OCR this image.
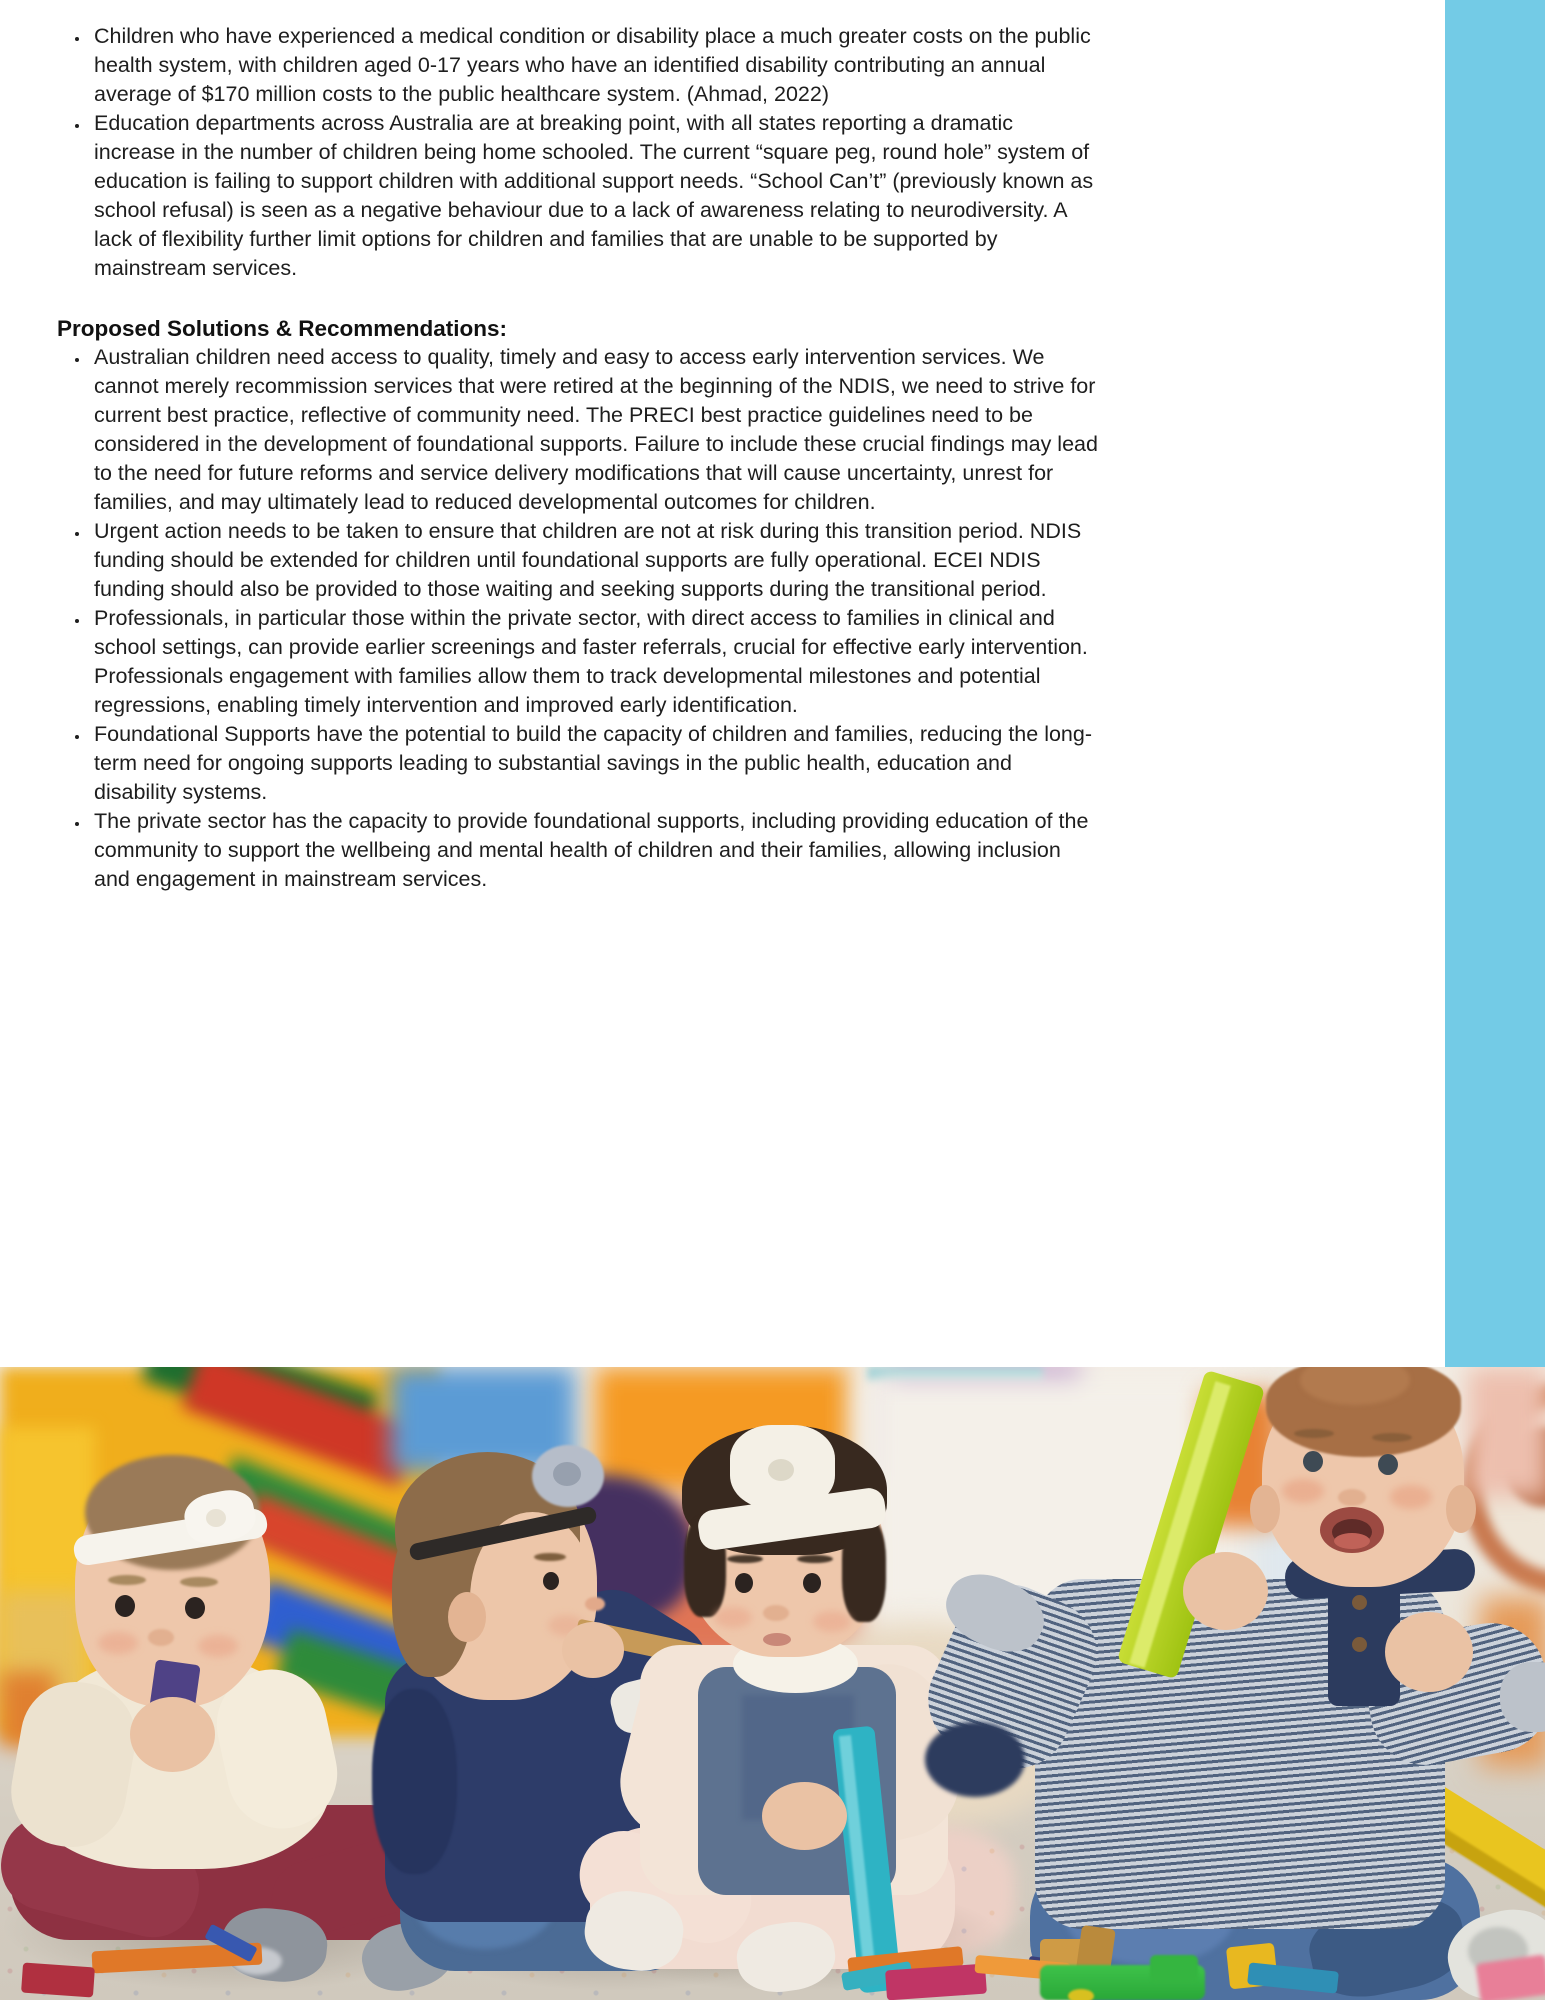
• Children who have experienced a medical condition or disability place a much greater costs on the public health system, with children aged 0-17 years who have an identified disability contributing an annual average of $170 million costs to the public healthcare system. (Ahmad, 2022)
• Education departments across Australia are at breaking point, with all states reporting a dramatic increase in the number of children being home schooled. The current “square peg, round hole” system of education is failing to support children with additional support needs. “School Can’t” (previously known as school refusal) is seen as a negative behaviour due to a lack of awareness relating to neurodiversity. A lack of flexibility further limit options for children and families that are unable to be supported by mainstream services.
Proposed Solutions & Recommendations:
• Australian children need access to quality, timely and easy to access early intervention services. We cannot merely recommission services that were retired at the beginning of the NDIS, we need to strive for current best practice, reflective of community need. The PRECI best practice guidelines need to be considered in the development of foundational supports. Failure to include these crucial findings may lead to the need for future reforms and service delivery modifications that will cause uncertainty, unrest for families, and may ultimately lead to reduced developmental outcomes for children.
• Urgent action needs to be taken to ensure that children are not at risk during this transition period. NDIS funding should be extended for children until foundational supports are fully operational. ECEI NDIS funding should also be provided to those waiting and seeking supports during the transitional period.
• Professionals, in particular those within the private sector, with direct access to families in clinical and school settings, can provide earlier screenings and faster referrals, crucial for effective early intervention. Professionals engagement with families allow them to track developmental milestones and potential regressions, enabling timely intervention and improved early identification.
• Foundational Supports have the potential to build the capacity of children and families, reducing the long-term need for ongoing supports leading to substantial savings in the public health, education and disability systems.
• The private sector has the capacity to provide foundational supports, including providing education of the community to support the wellbeing and mental health of children and their families, allowing inclusion and engagement in mainstream services.
